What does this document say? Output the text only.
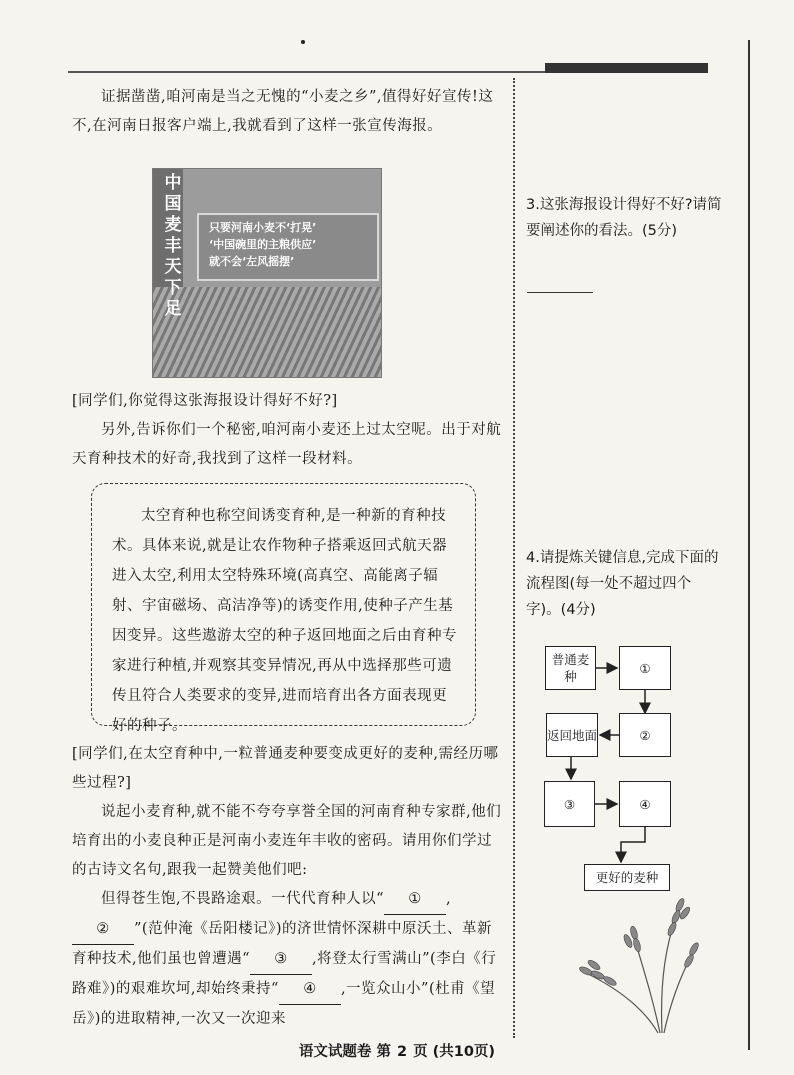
证据凿凿,咱河南是当之无愧的“小麦之乡”,值得好好宣传!这不,在河南日报客户端上,我就看到了这样一张宣传海报。

中国麦丰天下足
只要河南小麦不‘打晃’
‘中国碗里的主粮供应’
就不会‘左风摇摆’

[同学们,你觉得这张海报设计得好不好?]

另外,告诉你们一个秘密,咱河南小麦还上过太空呢。出于对航天育种技术的好奇,我找到了这样一段材料。

太空育种也称空间诱变育种,是一种新的育种技术。具体来说,就是让农作物种子搭乘返回式航天器进入太空,利用太空特殊环境(高真空、高能离子辐射、宇宙磁场、高洁净等)的诱变作用,使种子产生基因变异。这些遨游太空的种子返回地面之后由育种专家进行种植,并观察其变异情况,再从中选择那些可遗传且符合人类要求的变异,进而培育出各方面表现更好的种子。

[同学们,在太空育种中,一粒普通麦种要变成更好的麦种,需经历哪些过程?]

说起小麦育种,就不能不夸夸享誉全国的河南育种专家群,他们培育出的小麦良种正是河南小麦连年丰收的密码。请用你们学过的古诗文名句,跟我一起赞美他们吧:

但得苍生饱,不畏路途艰。一代代育种人以“ ① ,② ”(范仲淹《岳阳楼记》)的济世情怀深耕中原沃土、革新育种技术,他们虽也曾遭遇“ ③ ,将登太行雪满山”(李白《行路难》)的艰难坎坷,却始终秉持“ ④ ,一览众山小”(杜甫《望岳》)的进取精神,一次又一次迎来

3.这张海报设计得好不好?请简要阐述你的看法。(5分)

4.请提炼关键信息,完成下面的流程图(每一处不超过四个字)。(4分)

普通麦种
①
②
返回地面
③	④
更好的麦种
语文试题卷 第 2 页 (共10页)
